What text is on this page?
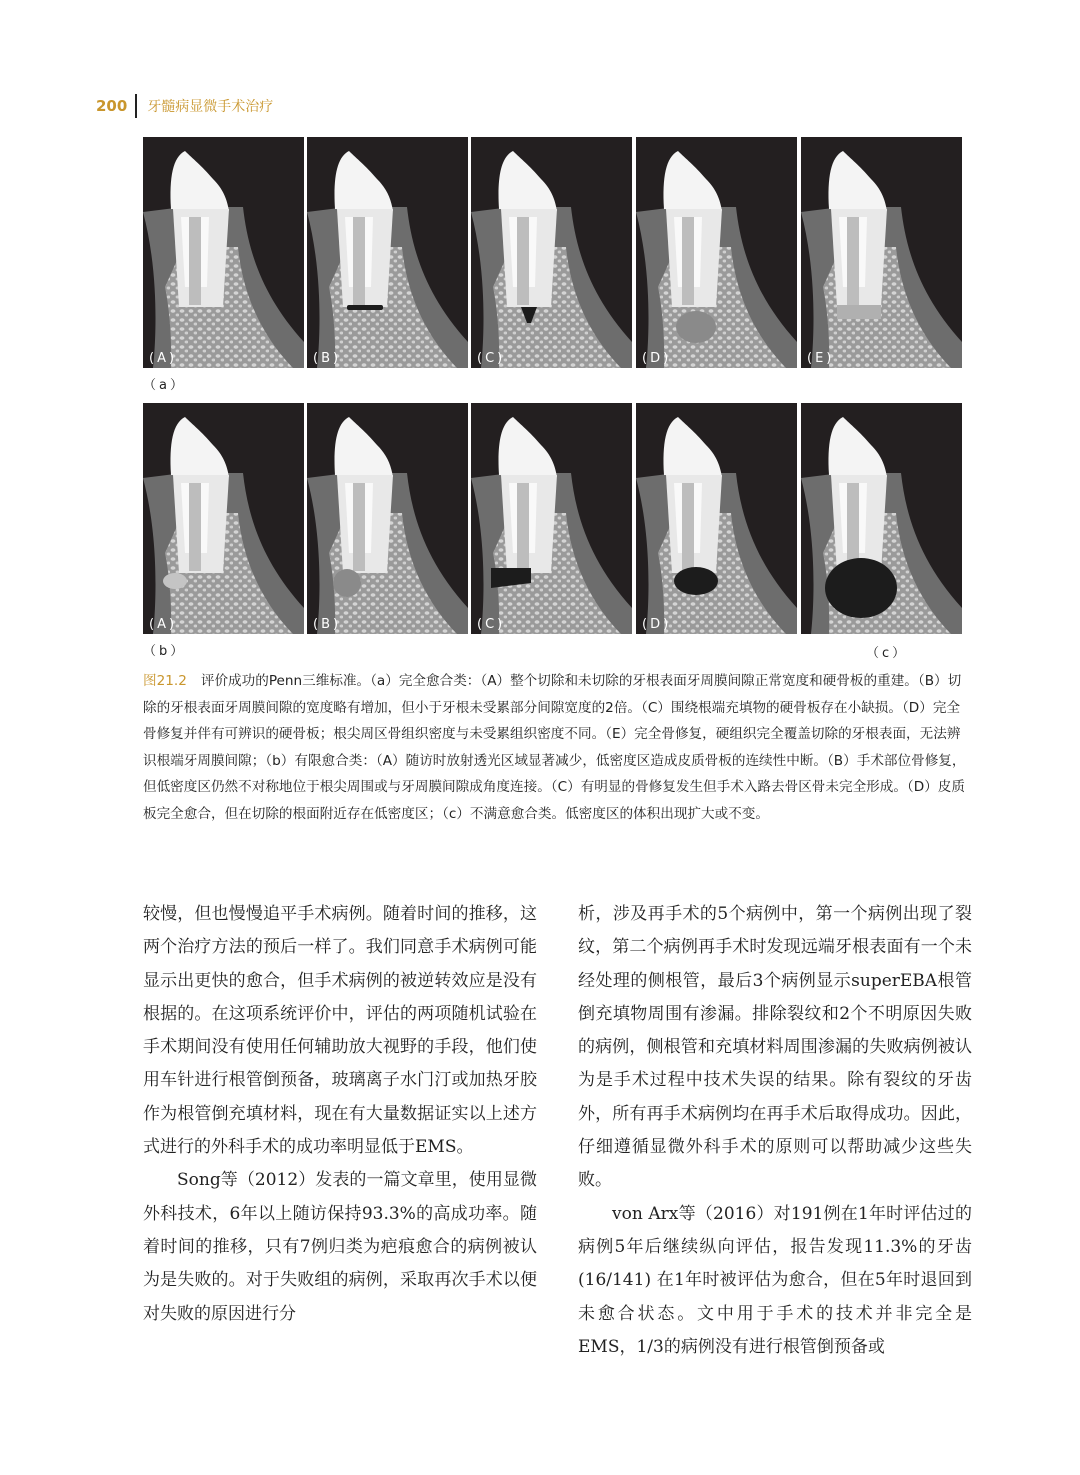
200 牙髓病显微手术治疗
(A)	(B)	(C)	(D)	(E)
（a）
(A)	(B)	(C)	(D)
（b）	（c）
图21.2 评价成功的Penn三维标准。（a）完全愈合类：（A）整个切除和未切除的牙根表面牙周膜间隙正常宽度和硬骨板的重建。（B）切除的牙根表面牙周膜间隙的宽度略有增加，但小于牙根未受累部分间隙宽度的2倍。（C）围绕根端充填物的硬骨板存在小缺损。（D）完全骨修复并伴有可辨识的硬骨板；根尖周区骨组织密度与未受累组织密度不同。（E）完全骨修复，硬组织完全覆盖切除的牙根表面，无法辨识根端牙周膜间隙；（b）有限愈合类：（A）随访时放射透光区域显著减少，低密度区造成皮质骨板的连续性中断。（B）手术部位骨修复，但低密度区仍然不对称地位于根尖周围或与牙周膜间隙成角度连接。（C）有明显的骨修复发生但手术入路去骨区骨未完全形成。（D）皮质板完全愈合，但在切除的根面附近存在低密度区；（c）不满意愈合类。低密度区的体积出现扩大或不变。

较慢，但也慢慢追平手术病例。随着时间的推移，这两个治疗方法的预后一样了。我们同意手术病例可能显示出更快的愈合，但手术病例的被逆转效应是没有根据的。在这项系统评价中，评估的两项随机试验在手术期间没有使用任何辅助放大视野的手段，他们使用车针进行根管倒预备，玻璃离子水门汀或加热牙胶作为根管倒充填材料，现在有大量数据证实以上述方式进行的外科手术的成功率明显低于EMS。

Song等（2012）发表的一篇文章里，使用显微外科技术，6年以上随访保持93.3%的高成功率。随着时间的推移，只有7例归类为疤痕愈合的病例被认为是失败的。对于失败组的病例，采取再次手术以便对失败的原因进行分

析，涉及再手术的5个病例中，第一个病例出现了裂纹，第二个病例再手术时发现远端牙根表面有一个未经处理的侧根管，最后3个病例显示superEBA根管倒充填物周围有渗漏。排除裂纹和2个不明原因失败的病例，侧根管和充填材料周围渗漏的失败病例被认为是手术过程中技术失误的结果。除有裂纹的牙齿外，所有再手术病例均在再手术后取得成功。因此，仔细遵循显微外科手术的原则可以帮助减少这些失败。

von Arx等（2016）对191例在1年时评估过的病例5年后继续纵向评估，报告发现11.3%的牙齿 (16/141) 在1年时被评估为愈合，但在5年时退回到未愈合状态。文中用于手术的技术并非完全是EMS，1/3的病例没有进行根管倒预备或
